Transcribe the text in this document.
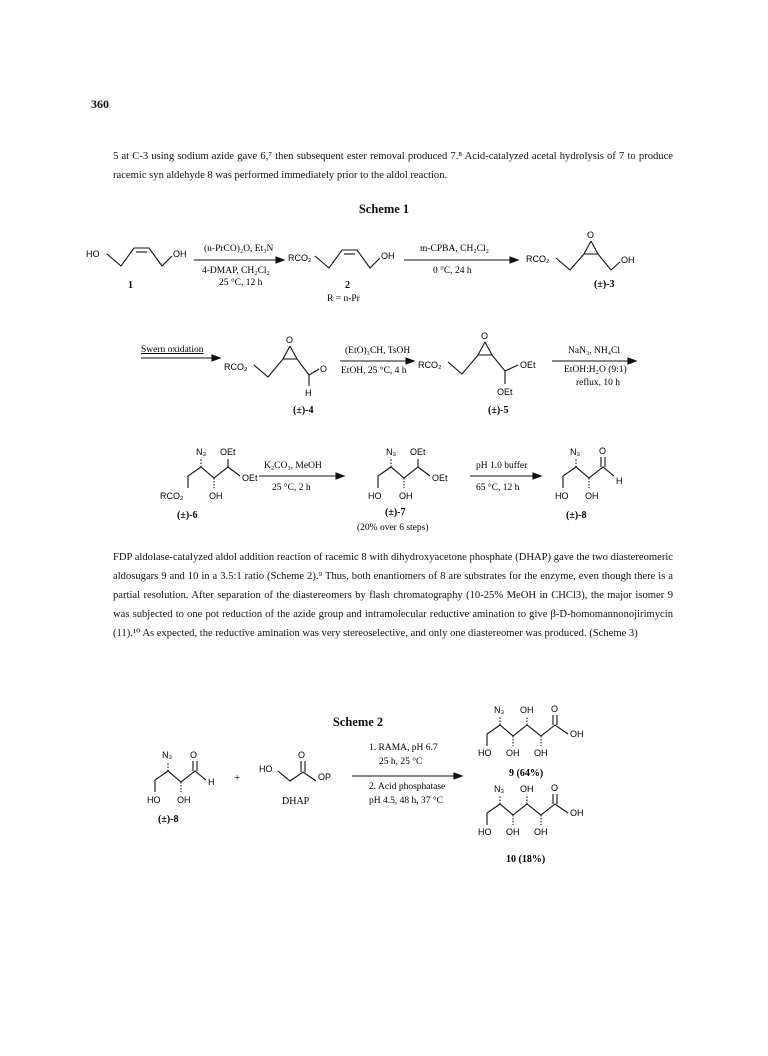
360
5 at C-3 using sodium azide gave 6,⁷ then subsequent ester removal produced 7.⁸ Acid-catalyzed acetal hydrolysis of 7 to produce racemic syn aldehyde 8 was performed immediately prior to the aldol reaction.
Scheme 1
HO	OH
1
(n-PrCO)₂O, Et₃N
4-DMAP, CH₂Cl₂
25 °C, 12 h
RCO₂	OH
2
R = n-Pr
m-CPBA, CH₂Cl₂
0 °C, 24 h
RCO₂
O
OH
(±)-3
Swern oxidation
RCO₂
O
O
H
(±)-4
(EtO)₃CH, TsOH
EtOH, 25 °C, 4 h
RCO₂
O
OEt
OEt
(±)-5
NaN₃, NH₄Cl
EtOH:H₂O (9:1)
reflux, 10 h
N₃ OEt
OEt
RCO₂	OH
(±)-6
K₂CO₃, MeOH
25 °C, 2 h
N₃ OEt
OEt
HO OH
(±)-7
(20% over 6 steps)
pH 1.0 buffer
65 °C, 12 h
N₃ O
H
HO OH
(±)-8
FDP aldolase-catalyzed aldol addition reaction of racemic 8 with dihydroxyacetone phosphate (DHAP) gave the two diastereomeric aldosugars 9 and 10 in a 3.5:1 ratio (Scheme 2).⁹ Thus, both enantiomers of 8 are substrates for the enzyme, even though there is a partial resolution. After separation of the diastereomers by flash chromatography (10-25% MeOH in CHCl3), the major isomer 9 was subjected to one pot reduction of the azide group and intramolecular reductive amination to give β-D-homomannonojirimycin (11).¹⁰ As expected, the reductive amination was very stereoselective, and only one diastereomer was produced. (Scheme 3)
Scheme 2
N₃ O
H
HO OH
(±)-8
+
HO
O
OP
DHAP
1. RAMA, pH 6.7
25 h, 25 °C
2. Acid phosphatase
pH 4.5, 48 h, 37 °C
N₃ OH O
OH
HO OH OH
9 (64%)
N₃ OH O
OH
HO OH OH
10 (18%)
